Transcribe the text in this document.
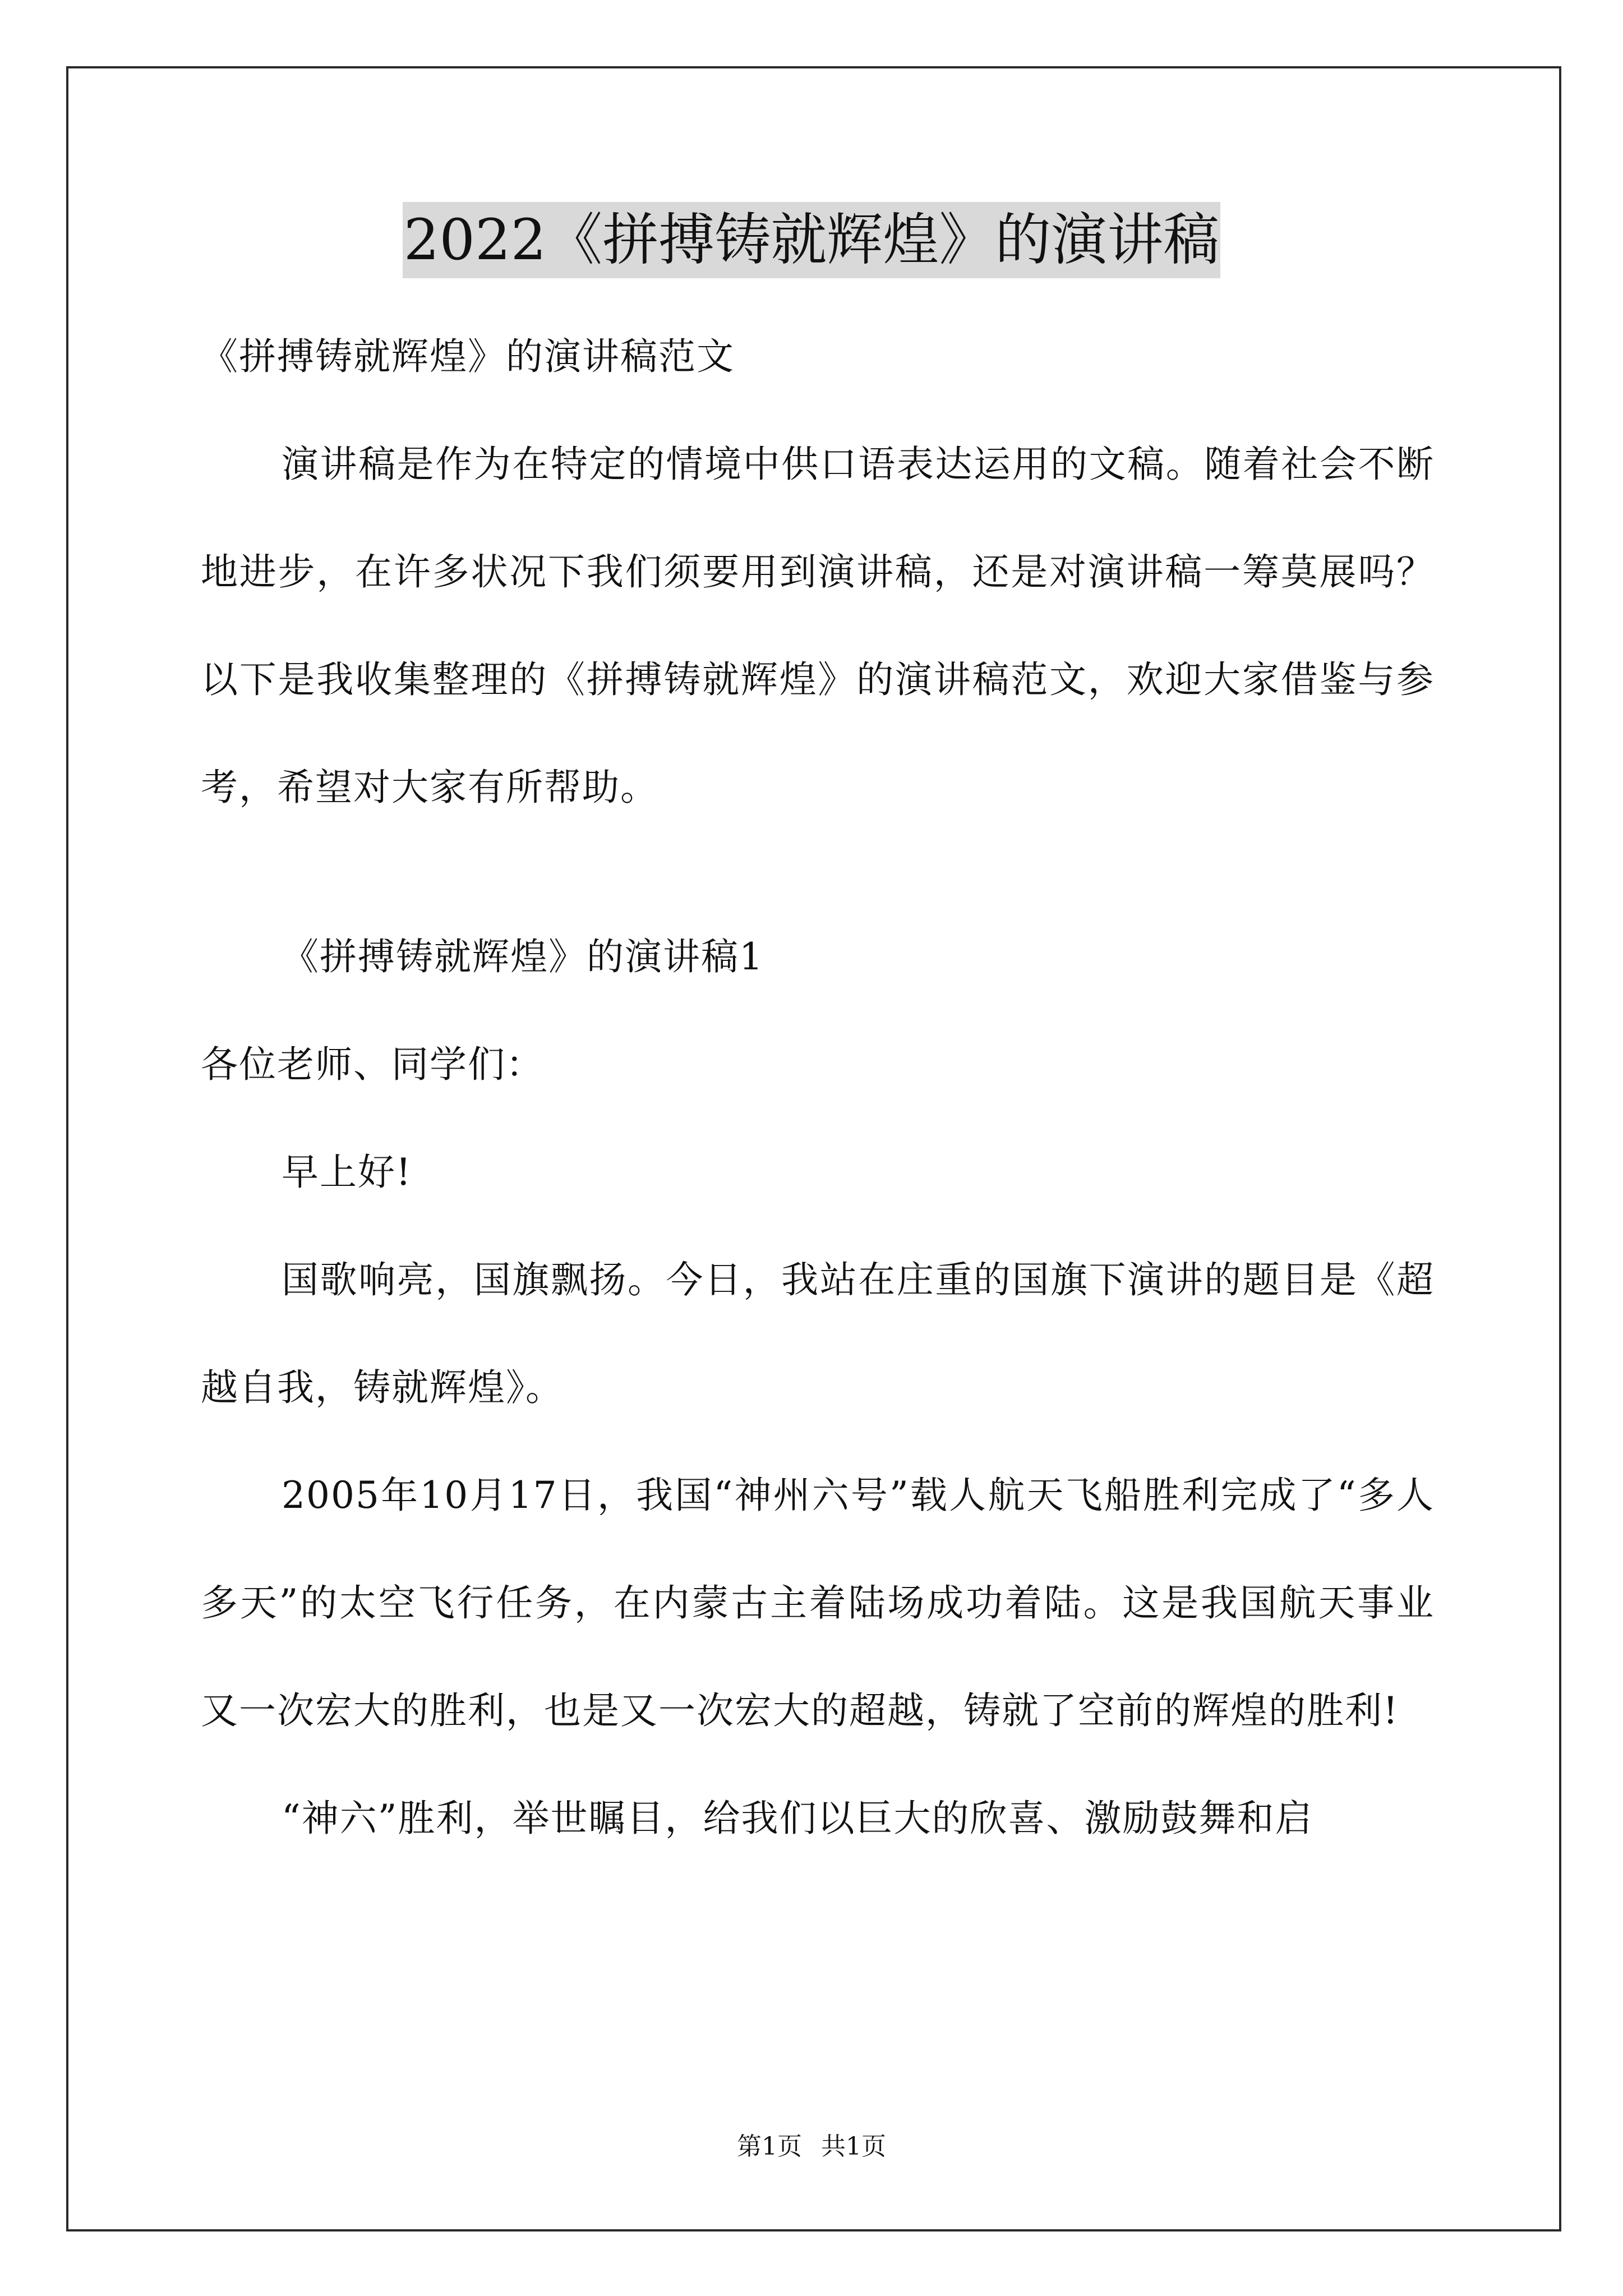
2022《拼搏铸就辉煌》的演讲稿

《拼搏铸就辉煌》的演讲稿范文

演讲稿是作为在特定的情境中供口语表达运用的文稿。随着社会不断地进步，在许多状况下我们须要用到演讲稿，还是对演讲稿一筹莫展吗？以下是我收集整理的《拼搏铸就辉煌》的演讲稿范文，欢迎大家借鉴与参考，希望对大家有所帮助。

《拼搏铸就辉煌》的演讲稿1

各位老师、同学们：

早上好!

国歌响亮，国旗飘扬。今日，我站在庄重的国旗下演讲的题目是《超越自我，铸就辉煌》。

2005年10月17日，我国“神州六号”载人航天飞船胜利完成了“多人多天”的太空飞行任务，在内蒙古主着陆场成功着陆。这是我国航天事业又一次宏大的胜利，也是又一次宏大的超越，铸就了空前的辉煌的胜利!

“神六”胜利，举世瞩目，给我们以巨大的欣喜、激励鼓舞和启

第1页 共1页
